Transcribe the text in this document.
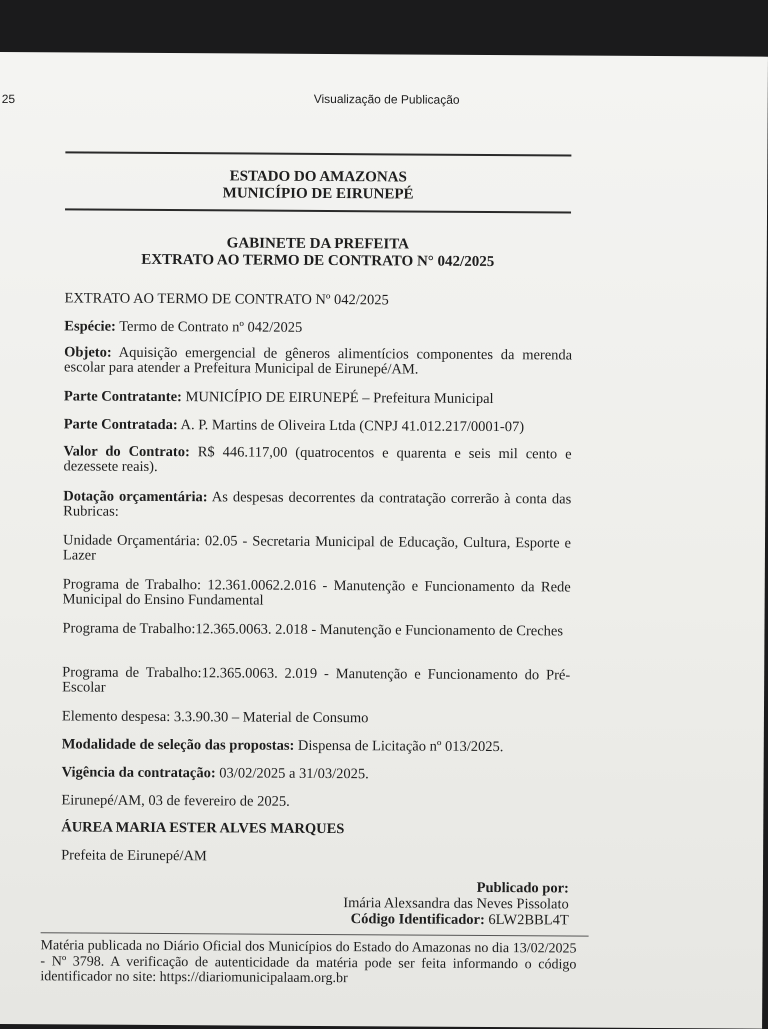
25	Visualização de Publicação
ESTADO DO AMAZONAS
MUNICÍPIO DE EIRUNEPÉ
GABINETE DA PREFEITA
EXTRATO AO TERMO DE CONTRATO N° 042/2025
EXTRATO AO TERMO DE CONTRATO Nº 042/2025
Espécie: Termo de Contrato nº 042/2025
Objeto: Aquisição emergencial de gêneros alimentícios componentes da merenda escolar para atender a Prefeitura Municipal de Eirunepé/AM.
Parte Contratante: MUNICÍPIO DE EIRUNEPÉ – Prefeitura Municipal
Parte Contratada: A. P. Martins de Oliveira Ltda (CNPJ 41.012.217/0001-07)
Valor do Contrato: R$ 446.117,00 (quatrocentos e quarenta e seis mil cento e dezessete reais).
Dotação orçamentária: As despesas decorrentes da contratação correrão à conta das Rubricas:
Unidade Orçamentária: 02.05 - Secretaria Municipal de Educação, Cultura, Esporte e Lazer
Programa de Trabalho: 12.361.0062.2.016 - Manutenção e Funcionamento da Rede Municipal do Ensino Fundamental
Programa de Trabalho:12.365.0063. 2.018 - Manutenção e Funcionamento de Creches
Programa de Trabalho:12.365.0063. 2.019 - Manutenção e Funcionamento do Pré-Escolar
Elemento despesa: 3.3.90.30 – Material de Consumo
Modalidade de seleção das propostas: Dispensa de Licitação nº 013/2025.
Vigência da contratação: 03/02/2025 a 31/03/2025.
Eirunepé/AM, 03 de fevereiro de 2025.
ÁUREA MARIA ESTER ALVES MARQUES
Prefeita de Eirunepé/AM
Publicado por:
Imária Alexsandra das Neves Pissolato
Código Identificador: 6LW2BBL4T
Matéria publicada no Diário Oficial dos Municípios do Estado do Amazonas no dia 13/02/2025 - Nº 3798. A verificação de autenticidade da matéria pode ser feita informando o código identificador no site: https://diariomunicipalaam.org.br
